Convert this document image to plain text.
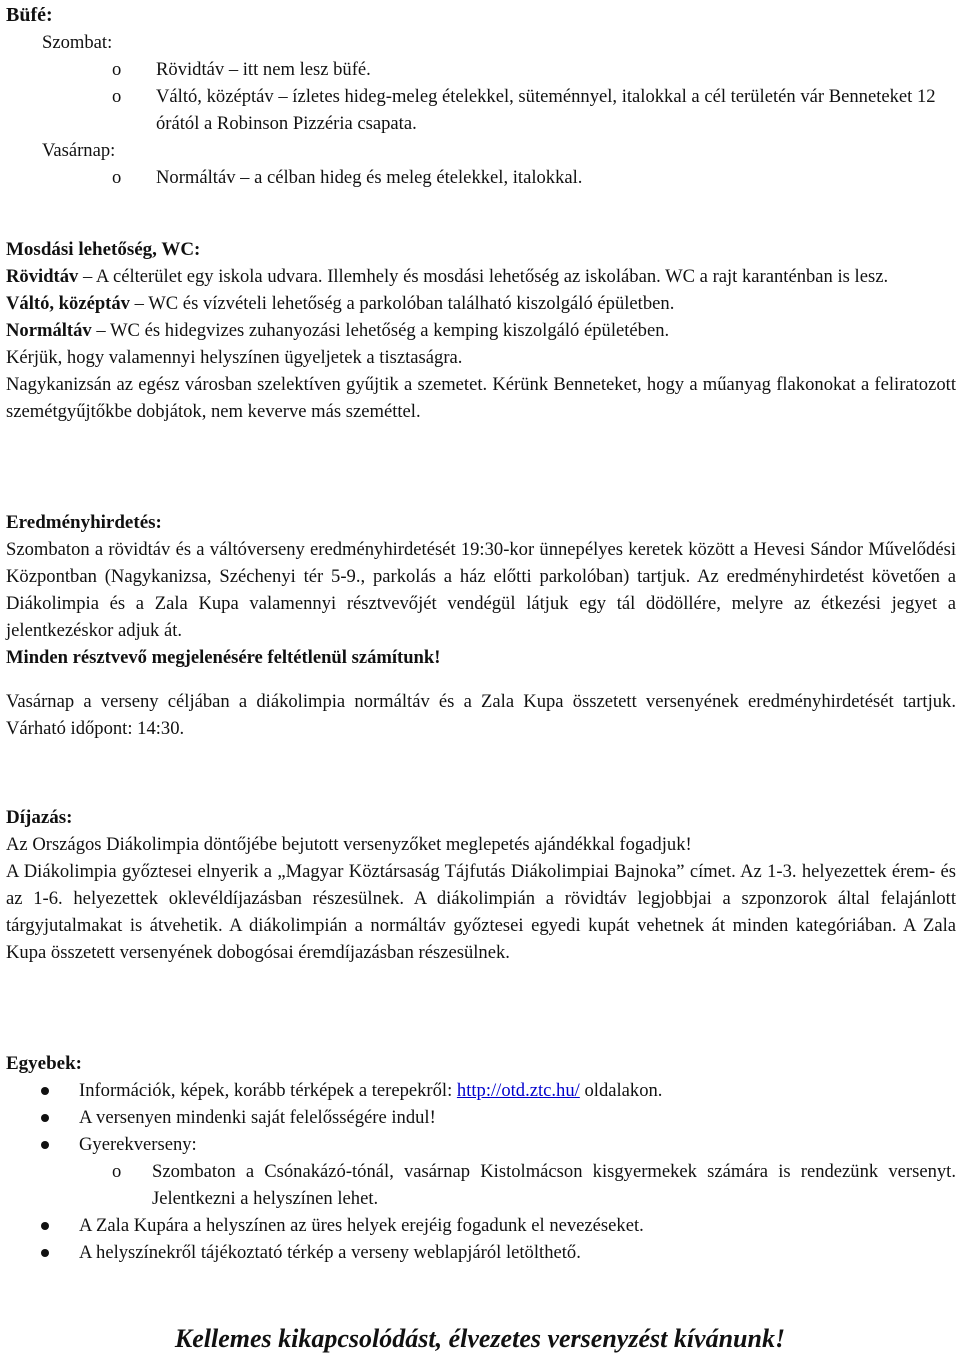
Büfé:

Szombat:

o Rövidtáv – itt nem lesz büfé.
o Váltó, középtáv – ízletes hideg-meleg ételekkel, süteménnyel, italokkal a cél területén vár Benneteket 12 órától a Robinson Pizzéria csapata.

Vasárnap:

o Normáltáv – a célban hideg és meleg ételekkel, italokkal.
Mosdási lehetőség, WC:

Rövidtáv – A célterület egy iskola udvara. Illemhely és mosdási lehetőség az iskolában. WC a rajt karanténban is lesz.

Váltó, középtáv – WC és vízvételi lehetőség a parkolóban található kiszolgáló épületben.

Normáltáv – WC és hidegvizes zuhanyozási lehetőség a kemping kiszolgáló épületében.

Kérjük, hogy valamennyi helyszínen ügyeljetek a tisztaságra.

Nagykanizsán az egész városban szelektíven gyűjtik a szemetet. Kérünk Benneteket, hogy a műanyag flakonokat a feliratozott szemétgyűjtőkbe dobjátok, nem keverve más szeméttel.

Eredményhirdetés:

Szombaton a rövidtáv és a váltóverseny eredményhirdetését 19:30-kor ünnepélyes keretek között a Hevesi Sándor Művelődési Központban (Nagykanizsa, Széchenyi tér 5-9., parkolás a ház előtti parkolóban) tartjuk. Az eredményhirdetést követően a Diákolimpia és a Zala Kupa valamennyi résztvevőjét vendégül látjuk egy tál dödöllére, melyre az étkezési jegyet a jelentkezéskor adjuk át.

Minden résztvevő megjelenésére feltétlenül számítunk!

Vasárnap a verseny céljában a diákolimpia normáltáv és a Zala Kupa összetett versenyének eredményhirdetését tartjuk. Várható időpont: 14:30.

Díjazás:

Az Országos Diákolimpia döntőjébe bejutott versenyzőket meglepetés ajándékkal fogadjuk!

A Diákolimpia győztesei elnyerik a „Magyar Köztársaság Tájfutás Diákolimpiai Bajnoka” címet. Az 1-3. helyezettek érem- és az 1-6. helyezettek oklevéldíjazásban részesülnek. A diákolimpián a rövidtáv legjobbjai a szponzorok által felajánlott tárgyjutalmakat is átvehetik. A diákolimpián a normáltáv győztesei egyedi kupát vehetnek át minden kategóriában. A Zala Kupa összetett versenyének dobogósai éremdíjazásban részesülnek.

Egyebek:
Információk, képek, korább térképek a terepekről: http://otd.ztc.hu/ oldalakon.
A versenyen mindenki saját felelősségére indul!
Gyerekverseny:
o Szombaton a Csónakázó-tónál, vasárnap Kistolmácson kisgyermekek számára is rendezünk versenyt. Jelentkezni a helyszínen lehet.
A Zala Kupára a helyszínen az üres helyek erejéig fogadunk el nevezéseket.
A helyszínekről tájékoztató térkép a verseny weblapjáról letölthető.
Kellemes kikapcsolódást, élvezetes versenyzést kívánunk!
